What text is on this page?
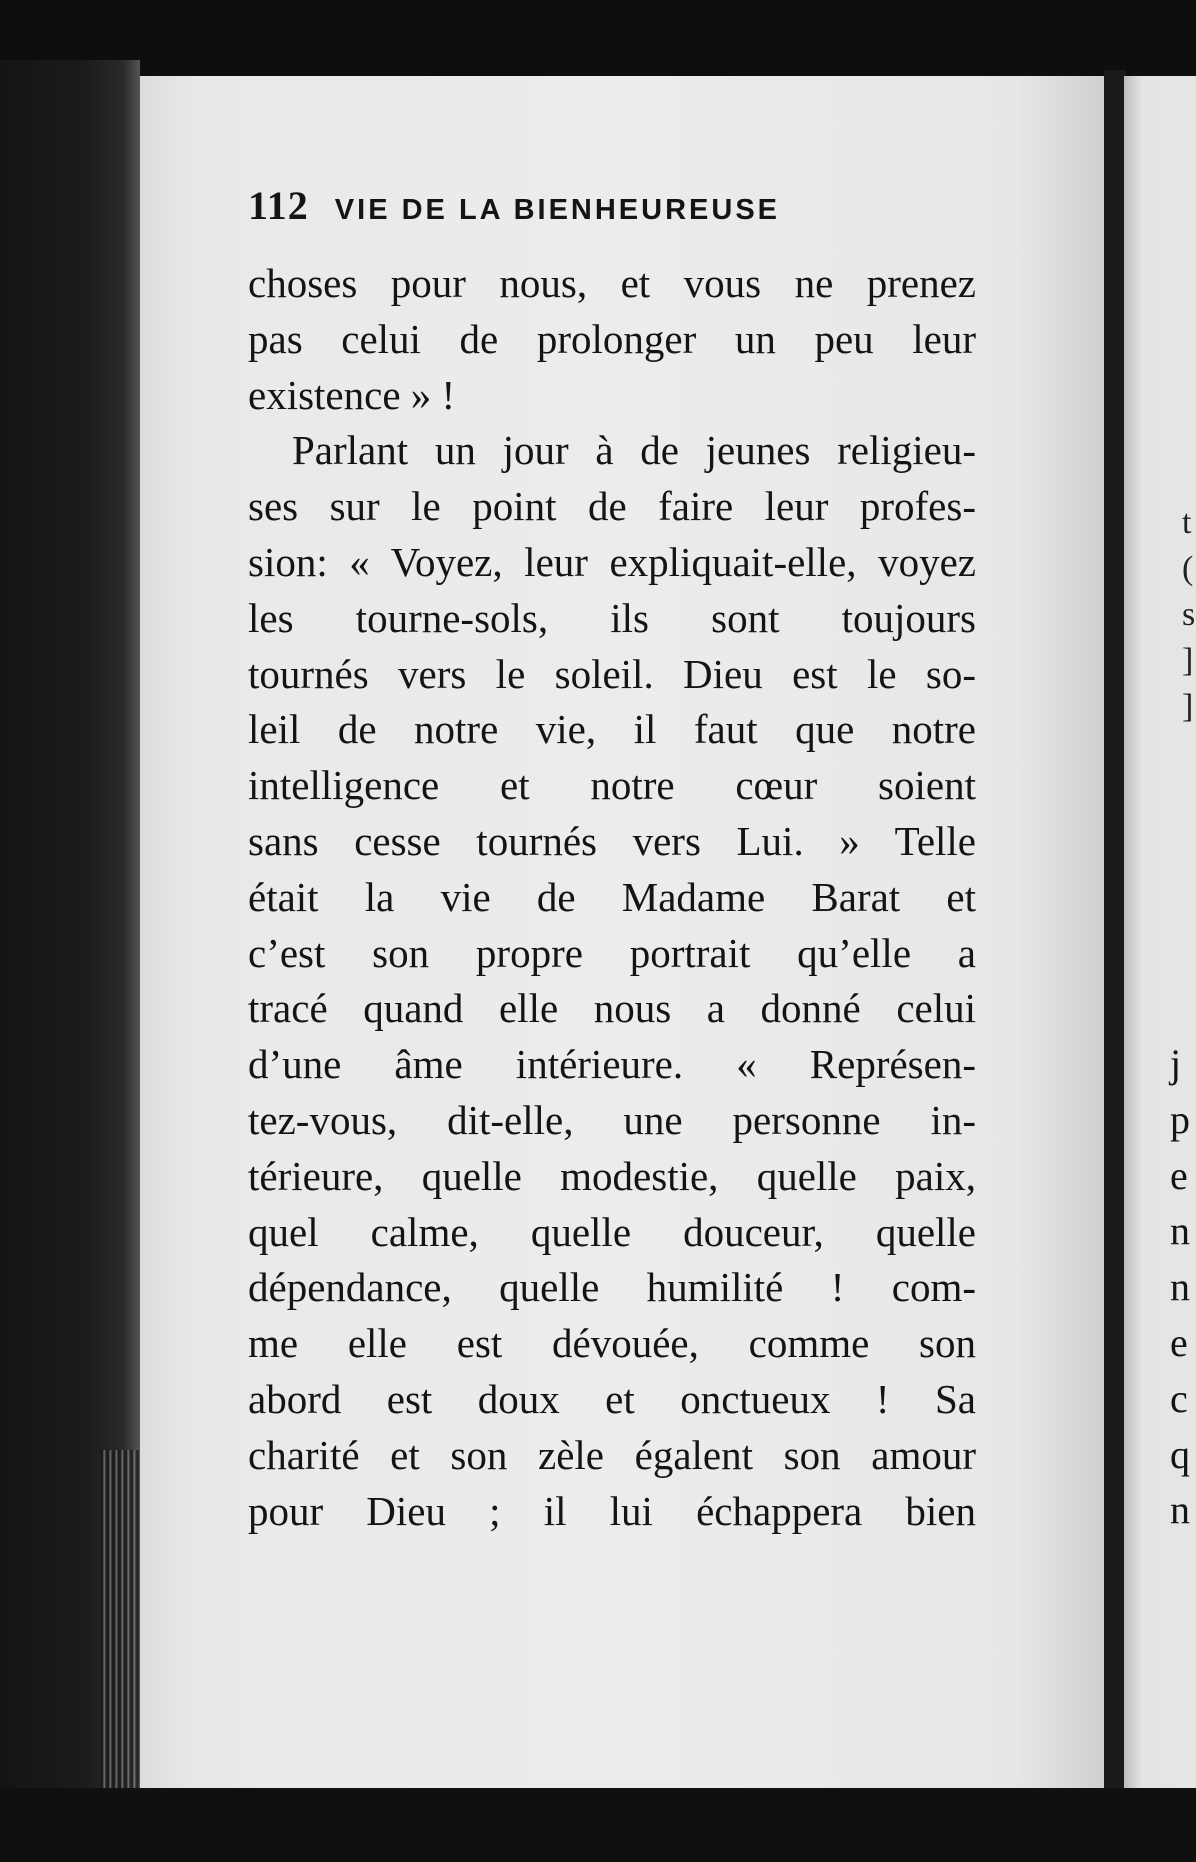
112 VIE DE LA BIENHEUREUSE
choses pour nous, et vous ne prenez
pas celui de prolonger un peu leur
existence » !
Parlant un jour à de jeunes religieu-
ses sur le point de faire leur profes-
sion: « Voyez, leur expliquait-elle, voyez
les tourne-sols, ils sont toujours
tournés vers le soleil. Dieu est le so-
leil de notre vie, il faut que notre
intelligence et notre cœur soient
sans cesse tournés vers Lui. » Telle
était la vie de Madame Barat et
c’est son propre portrait qu’elle a
tracé quand elle nous a donné celui
d’une âme intérieure. « Représen-
tez-vous, dit-elle, une personne in-
térieure, quelle modestie, quelle paix,
quel calme, quelle douceur, quelle
dépendance, quelle humilité ! com-
me elle est dévouée, comme son
abord est doux et onctueux ! Sa
charité et son zèle égalent son amour
pour Dieu ; il lui échappera bien
t
(
s
]
]
j
p
e
n
n
e
c
q
n
